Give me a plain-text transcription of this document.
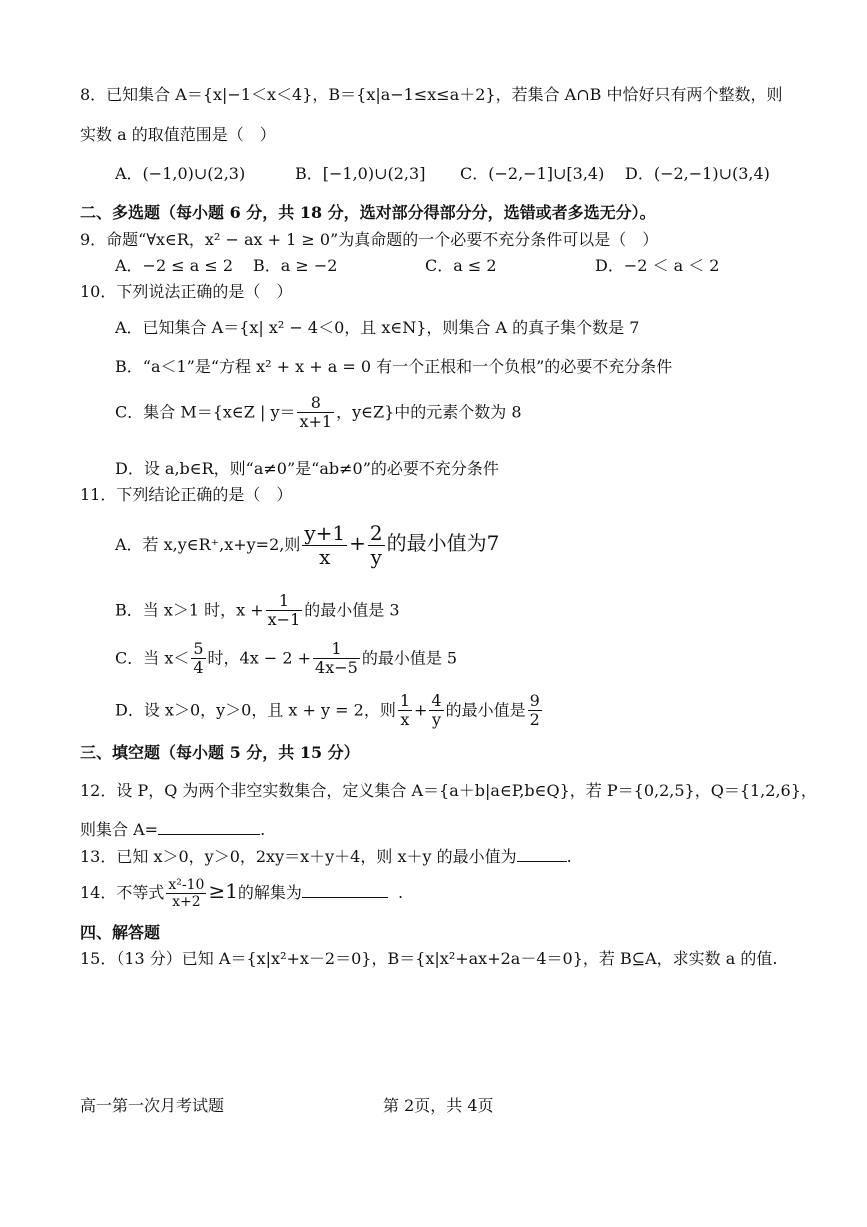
8．已知集合 A＝{x|−1＜x＜4}，B＝{x|a−1≤x≤a＋2}，若集合 A∩B 中恰好只有两个整数，则
实数 a 的取值范围是（　）
A．(−1,0)∪(2,3)	B．[−1,0)∪(2,3] C．(−2,−1]∪[3,4) D．(−2,−1)∪(3,4)
二、多选题（每小题 6 分，共 18 分，选对部分得部分分，选错或者多选无分）。
9．命题“∀x∈R，x² − ax + 1 ≥ 0”为真命题的一个必要不充分条件可以是（　）
A．−2 ≤ a ≤ 2 B．a ≥ −2	C．a ≤ 2	D．−2 ＜ a ＜ 2
10．下列说法正确的是（　）
A．已知集合 A＝{x| x² − 4＜0，且 x∈N}，则集合 A 的真子集个数是 7
B．“a＜1”是“方程 x² + x + a = 0 有一个正根和一个负根”的必要不充分条件
C．集合 M＝{x∈Z | $y= \frac{8}{x+1}$ ，y∈Z}中的元素个数为 8
D．设 a,b∈R，则“a≠0”是“ab≠0”的必要不充分条件
11．下列结论正确的是（　）
A．若 x,y∈R⁺,x+y=2,则 $\frac{y+1}{x} + \frac{2}{y}$ 的最小值为7
B．当 x＞1 时，$x + \frac{1}{x-1}$ 的最小值是 3
C．当 $x< \frac{5}{4}$ 时，$4x - 2 + \frac{1}{4x-5}$ 的最小值是 5
D．设 x＞0，y＞0，且 x + y = 2，则 $\frac{1}{x} + \frac{4}{y}$ 的最小值是 $\frac{9}{2}$
三、填空题（每小题 5 分，共 15 分）
12．设 P，Q 为两个非空实数集合，定义集合 A＝{a＋b|a∈P,b∈Q}，若 P＝{0,2,5}，Q＝{1,2,6}，
则集合 A=	.
13．已知 x＞0，y＞0，2xy＝x＋y＋4，则 x＋y 的最小值为	.
14．不等式 $\frac{\text{x²-10}}{x+2} \ge 1$的解集为	.
四、解答题
15．（13 分）已知 A＝{x|x²+x－2＝0}，B＝{x|x²+ax+2a－4＝0}，若 B⊆A，求实数 a 的值.
高一第一次月考试题	第 2页，共 4页
